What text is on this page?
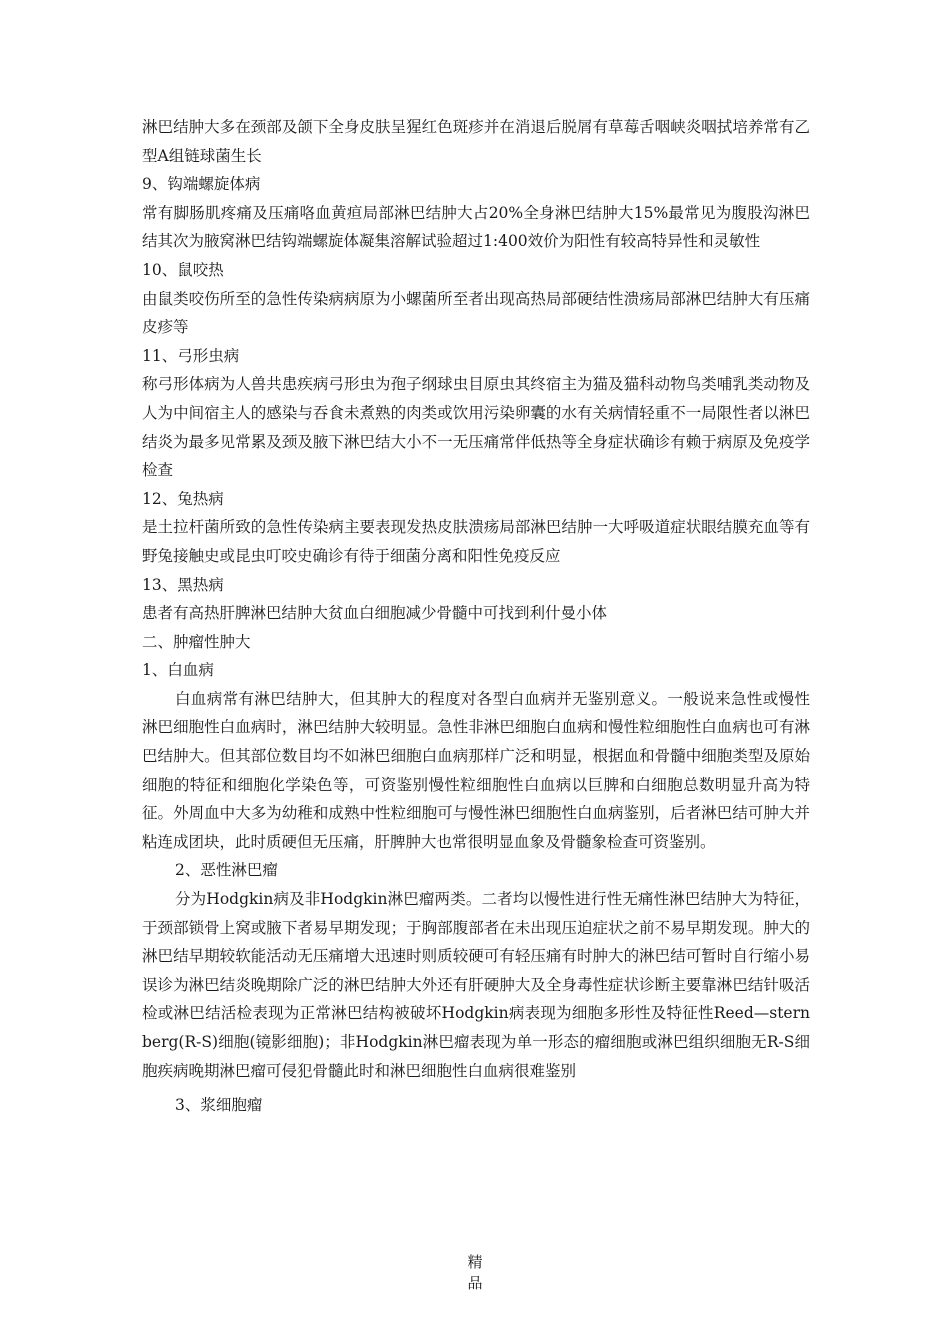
淋巴结肿大多在颈部及颌下全身皮肤呈猩红色斑疹并在消退后脱屑有草莓舌咽峡炎咽拭培养常有乙型A组链球菌生长

9、钩端螺旋体病

常有脚肠肌疼痛及压痛咯血黄疸局部淋巴结肿大占20%全身淋巴结肿大15%最常见为腹股沟淋巴结其次为腋窝淋巴结钩端螺旋体凝集溶解试验超过1:400效价为阳性有较高特异性和灵敏性

10、鼠咬热

由鼠类咬伤所至的急性传染病病原为小螺菌所至者出现高热局部硬结性溃疡局部淋巴结肿大有压痛皮疹等

11、弓形虫病

称弓形体病为人兽共患疾病弓形虫为孢子纲球虫目原虫其终宿主为猫及猫科动物鸟类哺乳类动物及人为中间宿主人的感染与吞食未煮熟的肉类或饮用污染卵囊的水有关病情轻重不一局限性者以淋巴结炎为最多见常累及颈及腋下淋巴结大小不一无压痛常伴低热等全身症状确诊有赖于病原及免疫学检查

12、兔热病

是土拉杆菌所致的急性传染病主要表现发热皮肤溃疡局部淋巴结肿一大呼吸道症状眼结膜充血等有野兔接触史或昆虫叮咬史确诊有待于细菌分离和阳性免疫反应

13、黑热病

患者有高热肝脾淋巴结肿大贫血白细胞减少骨髓中可找到利什曼小体

二、肿瘤性肿大

1、白血病

白血病常有淋巴结肿大，但其肿大的程度对各型白血病并无鉴别意义。一般说来急性或慢性淋巴细胞性白血病时，淋巴结肿大较明显。急性非淋巴细胞白血病和慢性粒细胞性白血病也可有淋巴结肿大。但其部位数目均不如淋巴细胞白血病那样广泛和明显，根据血和骨髓中细胞类型及原始细胞的特征和细胞化学染色等，可资鉴别慢性粒细胞性白血病以巨脾和白细胞总数明显升高为特征。外周血中大多为幼稚和成熟中性粒细胞可与慢性淋巴细胞性白血病鉴别，后者淋巴结可肿大并粘连成团块，此时质硬但无压痛，肝脾肿大也常很明显血象及骨髓象检查可资鉴别。

2、恶性淋巴瘤

分为Hodgkin病及非Hodgkin淋巴瘤两类。二者均以慢性进行性无痛性淋巴结肿大为特征，于颈部锁骨上窝或腋下者易早期发现；于胸部腹部者在未出现压迫症状之前不易早期发现。肿大的淋巴结早期较软能活动无压痛增大迅速时则质较硬可有轻压痛有时肿大的淋巴结可暂时自行缩小易误诊为淋巴结炎晚期除广泛的淋巴结肿大外还有肝硬肿大及全身毒性症状诊断主要靠淋巴结针吸活检或淋巴结活检表现为正常淋巴结构被破坏Hodgkin病表现为细胞多形性及特征性Reed—sternberg(R-S)细胞(镜影细胞)；非Hodgkin淋巴瘤表现为单一形态的瘤细胞或淋巴组织细胞无R-S细胞疾病晚期淋巴瘤可侵犯骨髓此时和淋巴细胞性白血病很难鉴别

3、浆细胞瘤

精品
